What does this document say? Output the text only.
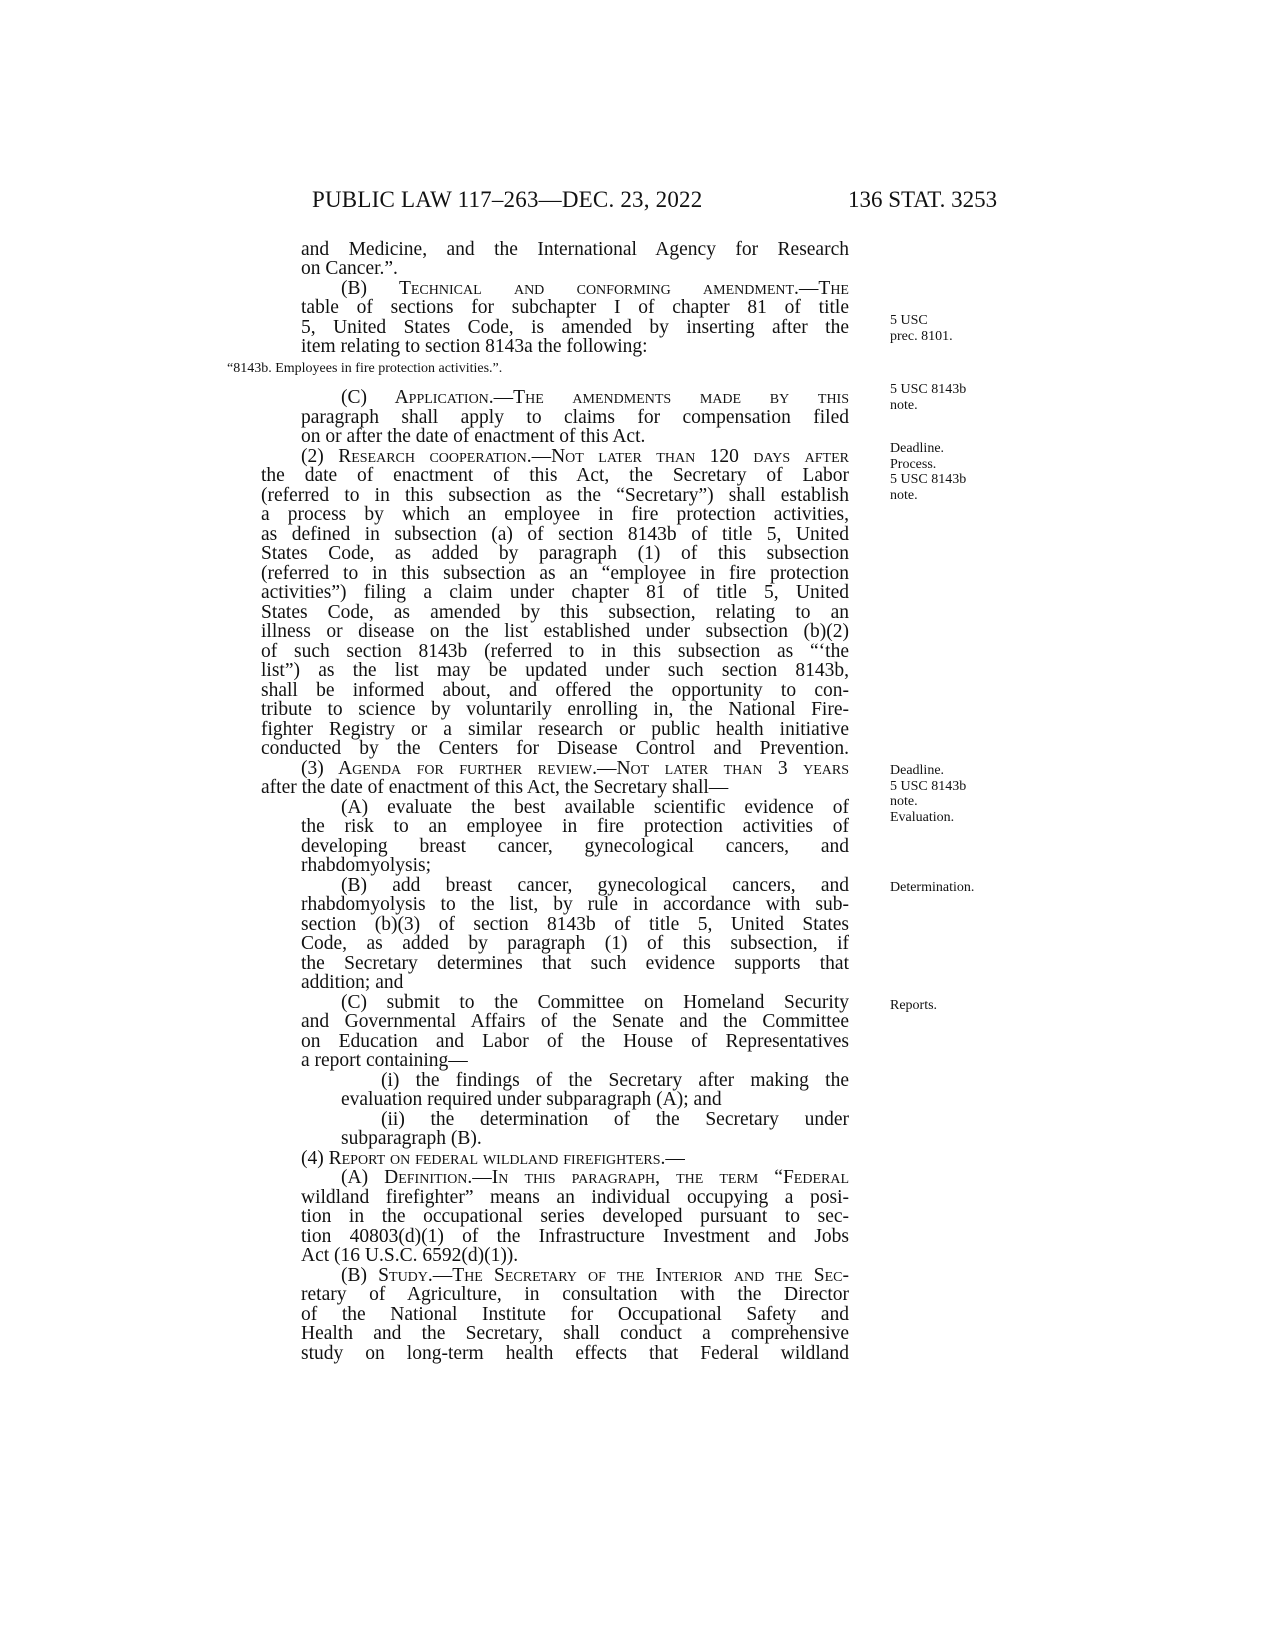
PUBLIC LAW 117–263—DEC. 23, 2022	136 STAT. 3253
and Medicine, and the International Agency for Research
on Cancer.”.
(B) Technical and conforming amendment.—The
table of sections for subchapter I of chapter 81 of title
5, United States Code, is amended by inserting after the
item relating to section 8143a the following:
“8143b. Employees in fire protection activities.”.
(C) Application.—The amendments made by this
paragraph shall apply to claims for compensation filed
on or after the date of enactment of this Act.
(2) Research cooperation.—Not later than 120 days after
the date of enactment of this Act, the Secretary of Labor
(referred to in this subsection as the “Secretary”) shall establish
a process by which an employee in fire protection activities,
as defined in subsection (a) of section 8143b of title 5, United
States Code, as added by paragraph (1) of this subsection
(referred to in this subsection as an “employee in fire protection
activities”) filing a claim under chapter 81 of title 5, United
States Code, as amended by this subsection, relating to an
illness or disease on the list established under subsection (b)(2)
of such section 8143b (referred to in this subsection as “‘the
list”) as the list may be updated under such section 8143b,
shall be informed about, and offered the opportunity to con-
tribute to science by voluntarily enrolling in, the National Fire-
fighter Registry or a similar research or public health initiative
conducted by the Centers for Disease Control and Prevention.
(3) Agenda for further review.—Not later than 3 years
after the date of enactment of this Act, the Secretary shall—
(A) evaluate the best available scientific evidence of
the risk to an employee in fire protection activities of
developing breast cancer, gynecological cancers, and
rhabdomyolysis;
(B) add breast cancer, gynecological cancers, and
rhabdomyolysis to the list, by rule in accordance with sub-
section (b)(3) of section 8143b of title 5, United States
Code, as added by paragraph (1) of this subsection, if
the Secretary determines that such evidence supports that
addition; and
(C) submit to the Committee on Homeland Security
and Governmental Affairs of the Senate and the Committee
on Education and Labor of the House of Representatives
a report containing—
(i) the findings of the Secretary after making the
evaluation required under subparagraph (A); and
(ii) the determination of the Secretary under
subparagraph (B).
(4) Report on federal wildland firefighters.—
(A) Definition.—In this paragraph, the term “Federal
wildland firefighter” means an individual occupying a posi-
tion in the occupational series developed pursuant to sec-
tion 40803(d)(1) of the Infrastructure Investment and Jobs
Act (16 U.S.C. 6592(d)(1)).
(B) Study.—The Secretary of the Interior and the Sec-
retary of Agriculture, in consultation with the Director
of the National Institute for Occupational Safety and
Health and the Secretary, shall conduct a comprehensive
study on long-term health effects that Federal wildland
5 USC
prec. 8101.
5 USC 8143b
note.
Deadline.
Process.
5 USC 8143b
note.
Deadline.
5 USC 8143b
note.
Evaluation.
Determination.
Reports.
